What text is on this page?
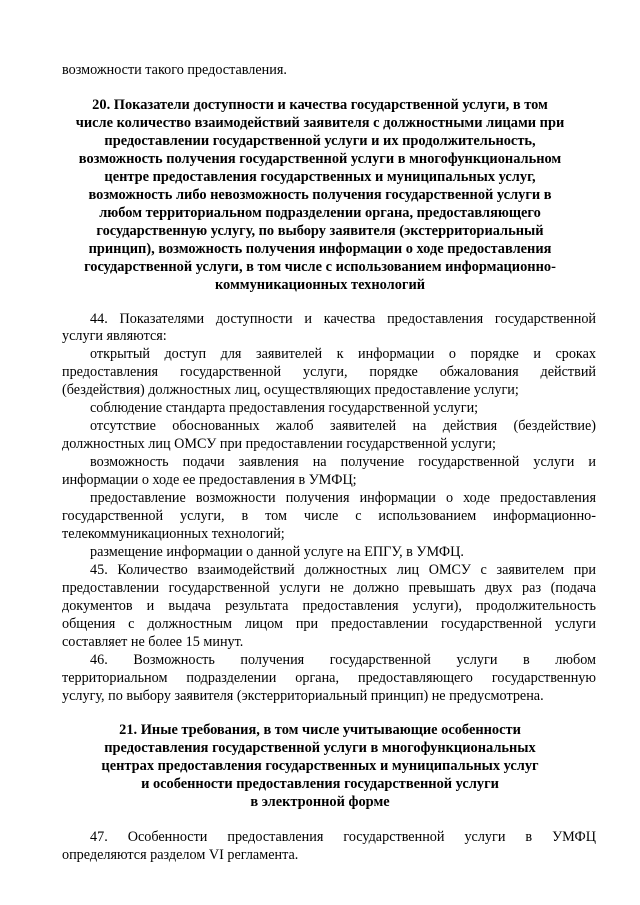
возможности такого предоставления.
20. Показатели доступности и качества государственной услуги, в том
числе количество взаимодействий заявителя с должностными лицами при
предоставлении государственной услуги и их продолжительность,
возможность получения государственной услуги в многофункциональном
центре предоставления государственных и муниципальных услуг,
возможность либо невозможность получения государственной услуги в
любом территориальном подразделении органа, предоставляющего
государственную услугу, по выбору заявителя (экстерриториальный
принцип), возможность получения информации о ходе предоставления
государственной услуги, в том числе с использованием информационно-
коммуникационных технологий
44. Показателями доступности и качества предоставления государственной
услуги являются:
открытый доступ для заявителей к информации о порядке и сроках
предоставления государственной услуги, порядке обжалования действий
(бездействия) должностных лиц, осуществляющих предоставление услуги;
соблюдение стандарта предоставления государственной услуги;
отсутствие обоснованных жалоб заявителей на действия (бездействие)
должностных лиц ОМСУ при предоставлении государственной услуги;
возможность подачи заявления на получение государственной услуги и
информации о ходе ее предоставления в УМФЦ;
предоставление возможности получения информации о ходе предоставления
государственной услуги, в том числе с использованием информационно-
телекоммуникационных технологий;
размещение информации о данной услуге на ЕПГУ, в УМФЦ.
45. Количество взаимодействий должностных лиц ОМСУ с заявителем при
предоставлении государственной услуги не должно превышать двух раз (подача
документов и выдача результата предоставления услуги), продолжительность
общения с должностным лицом при предоставлении государственной услуги
составляет не более 15 минут.
46. Возможность получения государственной услуги в любом
территориальном подразделении органа, предоставляющего государственную
услугу, по выбору заявителя (экстерриториальный принцип) не предусмотрена.
21. Иные требования, в том числе учитывающие особенности
предоставления государственной услуги в многофункциональных
центрах предоставления государственных и муниципальных услуг
и особенности предоставления государственной услуги
в электронной форме
47. Особенности предоставления государственной услуги в УМФЦ
определяются разделом VI регламента.
